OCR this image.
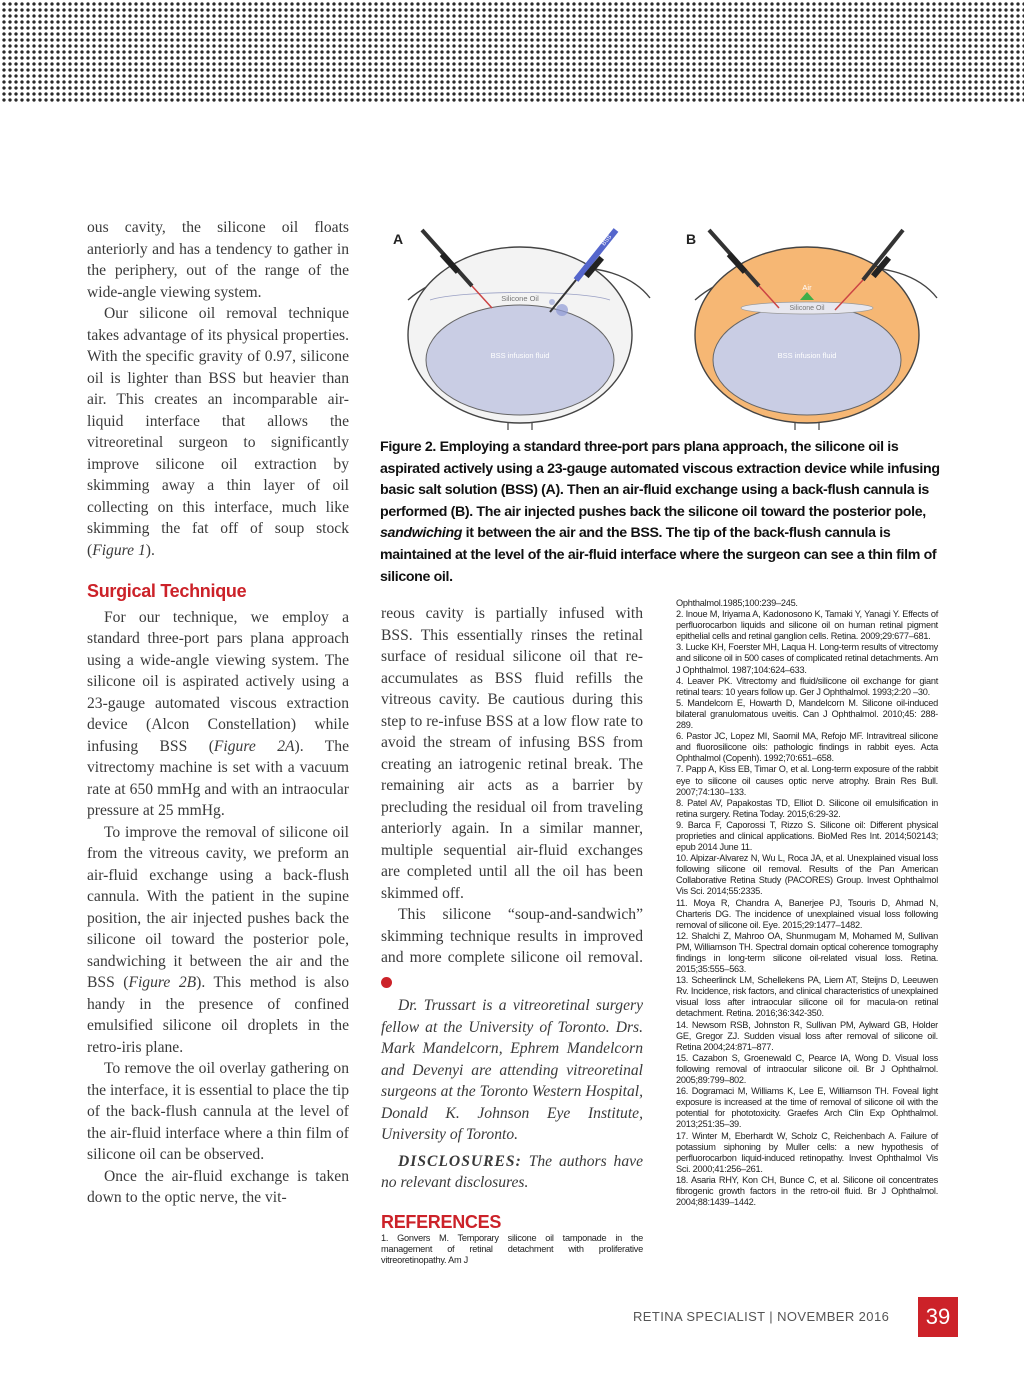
ous cavity, the silicone oil floats anteriorly and has a tendency to gather in the periphery, out of the range of the wide-angle viewing system.

Our silicone oil removal technique takes advantage of its physical properties. With the specific gravity of 0.97, silicone oil is lighter than BSS but heavier than air. This creates an incomparable air-liquid interface that allows the vitreoretinal surgeon to significantly improve silicone oil extraction by skimming away a thin layer of oil collecting on this interface, much like skimming the fat off of soup stock (Figure 1).

Surgical Technique

For our technique, we employ a standard three-port pars plana approach using a wide-angle viewing system. The silicone oil is aspirated actively using a 23-gauge automated viscous extraction device (Alcon Constellation) while infusing BSS (Figure 2A). The vitrectomy machine is set with a vacuum rate at 650 mmHg and with an intraocular pressure at 25 mmHg.

To improve the removal of silicone oil from the vitreous cavity, we preform an air-fluid exchange using a back-flush cannula. With the patient in the supine position, the air injected pushes back the silicone oil toward the posterior pole, sandwiching it between the air and the BSS (Figure 2B). This method is also handy in the presence of confined emulsified silicone oil droplets in the retro-iris plane.

To remove the oil overlay gathering on the interface, it is essential to place the tip of the back-flush cannula at the level of the air-fluid interface where a thin film of silicone oil can be observed.

Once the air-fluid exchange is taken down to the optic nerve, the vit-

A	BSS
Silicone Oil
BSS infusion fluid
B
Air
Silicone Oil
BSS infusion fluid
Figure 2. Employing a standard three-port pars plana approach, the silicone oil is aspirated actively using a 23-gauge automated viscous extraction device while infusing basic salt solution (BSS) (A). Then an air-fluid exchange using a back-flush cannula is performed (B). The air injected pushes back the silicone oil toward the posterior pole, sandwiching it between the air and the BSS. The tip of the back-flush cannula is maintained at the level of the air-fluid interface where the surgeon can see a thin film of silicone oil.

reous cavity is partially infused with BSS. This essentially rinses the retinal surface of residual silicone oil that re-accumulates as BSS fluid refills the vitreous cavity. Be cautious during this step to re-infuse BSS at a low flow rate to avoid the stream of infusing BSS from creating an iatrogenic retinal break. The remaining air acts as a barrier by precluding the residual oil from traveling anteriorly again. In a similar manner, multiple sequential air-fluid exchanges are completed until all the oil has been skimmed off.

This silicone “soup-and-sandwich” skimming technique results in improved and more complete silicone oil removal. RS

Dr. Trussart is a vitreoretinal surgery fellow at the University of Toronto. Drs. Mark Mandelcorn, Ephrem Mandelcorn and Devenyi are attending vitreoretinal surgeons at the Toronto Western Hospital, Donald K. Johnson Eye Institute, University of Toronto.

DISCLOSURES: The authors have no relevant disclosures.

REFERENCES
1. Gonvers M. Temporary silicone oil tamponade in the management of retinal detachment with proliferative vitreoretinopathy. Am J
Ophthalmol.1985;100:239–245.
2. Inoue M, Iriyama A, Kadonosono K, Tamaki Y, Yanagi Y. Effects of perfluorocarbon liquids and silicone oil on human retinal pigment epithelial cells and retinal ganglion cells. Retina. 2009;29:677–681.
3. Lucke KH, Foerster MH, Laqua H. Long-term results of vitrectomy and silicone oil in 500 cases of complicated retinal detachments. Am J Ophthalmol. 1987;104:624–633.
4. Leaver PK. Vitrectomy and fluid/silicone oil exchange for giant retinal tears: 10 years follow up. Ger J Ophthalmol. 1993;2:20 –30.
5. Mandelcorn E, Howarth D, Mandelcorn M. Silicone oil-induced bilateral granulomatous uveitis. Can J Ophthalmol. 2010;45: 288-289.
6. Pastor JC, Lopez MI, Saornil MA, Refojo MF. Intravitreal silicone and fluorosilicone oils: pathologic findings in rabbit eyes. Acta Ophthalmol (Copenh). 1992;70:651–658.
7. Papp A, Kiss EB, Timar O, et al. Long-term exposure of the rabbit eye to silicone oil causes optic nerve atrophy. Brain Res Bull. 2007;74:130–133.
8. Patel AV, Papakostas TD, Elliot D. Silicone oil emulsification in retina surgery. Retina Today. 2015;6:29-32.
9. Barca F, Caporossi T, Rizzo S. Silicone oil: Different physical proprieties and clinical applications. BioMed Res Int. 2014;502143; epub 2014 June 11.
10. Alpizar-Alvarez N, Wu L, Roca JA, et al. Unexplained visual loss following silicone oil removal. Results of the Pan American Collaborative Retina Study (PACORES) Group. Invest Ophthalmol Vis Sci. 2014;55:2335.
11. Moya R, Chandra A, Banerjee PJ, Tsouris D, Ahmad N, Charteris DG. The incidence of unexplained visual loss following removal of silicone oil. Eye. 2015;29:1477–1482.
12. Shalchi Z, Mahroo OA, Shunmugam M, Mohamed M, Sullivan PM, Williamson TH. Spectral domain optical coherence tomography findings in long-term silicone oil-related visual loss. Retina. 2015;35:555–563.
13. Scheerlinck LM, Schellekens PA, Liem AT, Steijns D, Leeuwen Rv. Incidence, risk factors, and clinical characteristics of unexplained visual loss after intraocular silicone oil for macula-on retinal detachment. Retina. 2016;36:342-350.
14. Newsom RSB, Johnston R, Sullivan PM, Aylward GB, Holder GE, Gregor ZJ. Sudden visual loss after removal of silicone oil. Retina 2004;24:871–877.
15. Cazabon S, Groenewald C, Pearce IA, Wong D. Visual loss following removal of intraocular silicone oil. Br J Ophthalmol. 2005;89:799–802.
16. Dogramaci M, Williams K, Lee E, Williamson TH. Foveal light exposure is increased at the time of removal of silicone oil with the potential for phototoxicity. Graefes Arch Clin Exp Ophthalmol. 2013;251:35–39.
17. Winter M, Eberhardt W, Scholz C, Reichenbach A. Failure of potassium siphoning by Muller cells: a new hypothesis of perfluorocarbon liquid-induced retinopathy. Invest Ophthalmol Vis Sci. 2000;41:256–261.
18. Asaria RHY, Kon CH, Bunce C, et al. Silicone oil concentrates fibrogenic growth factors in the retro-oil fluid. Br J Ophthalmol. 2004;88:1439–1442.
RETINA SPECIALIST | NOVEMBER 2016	39
